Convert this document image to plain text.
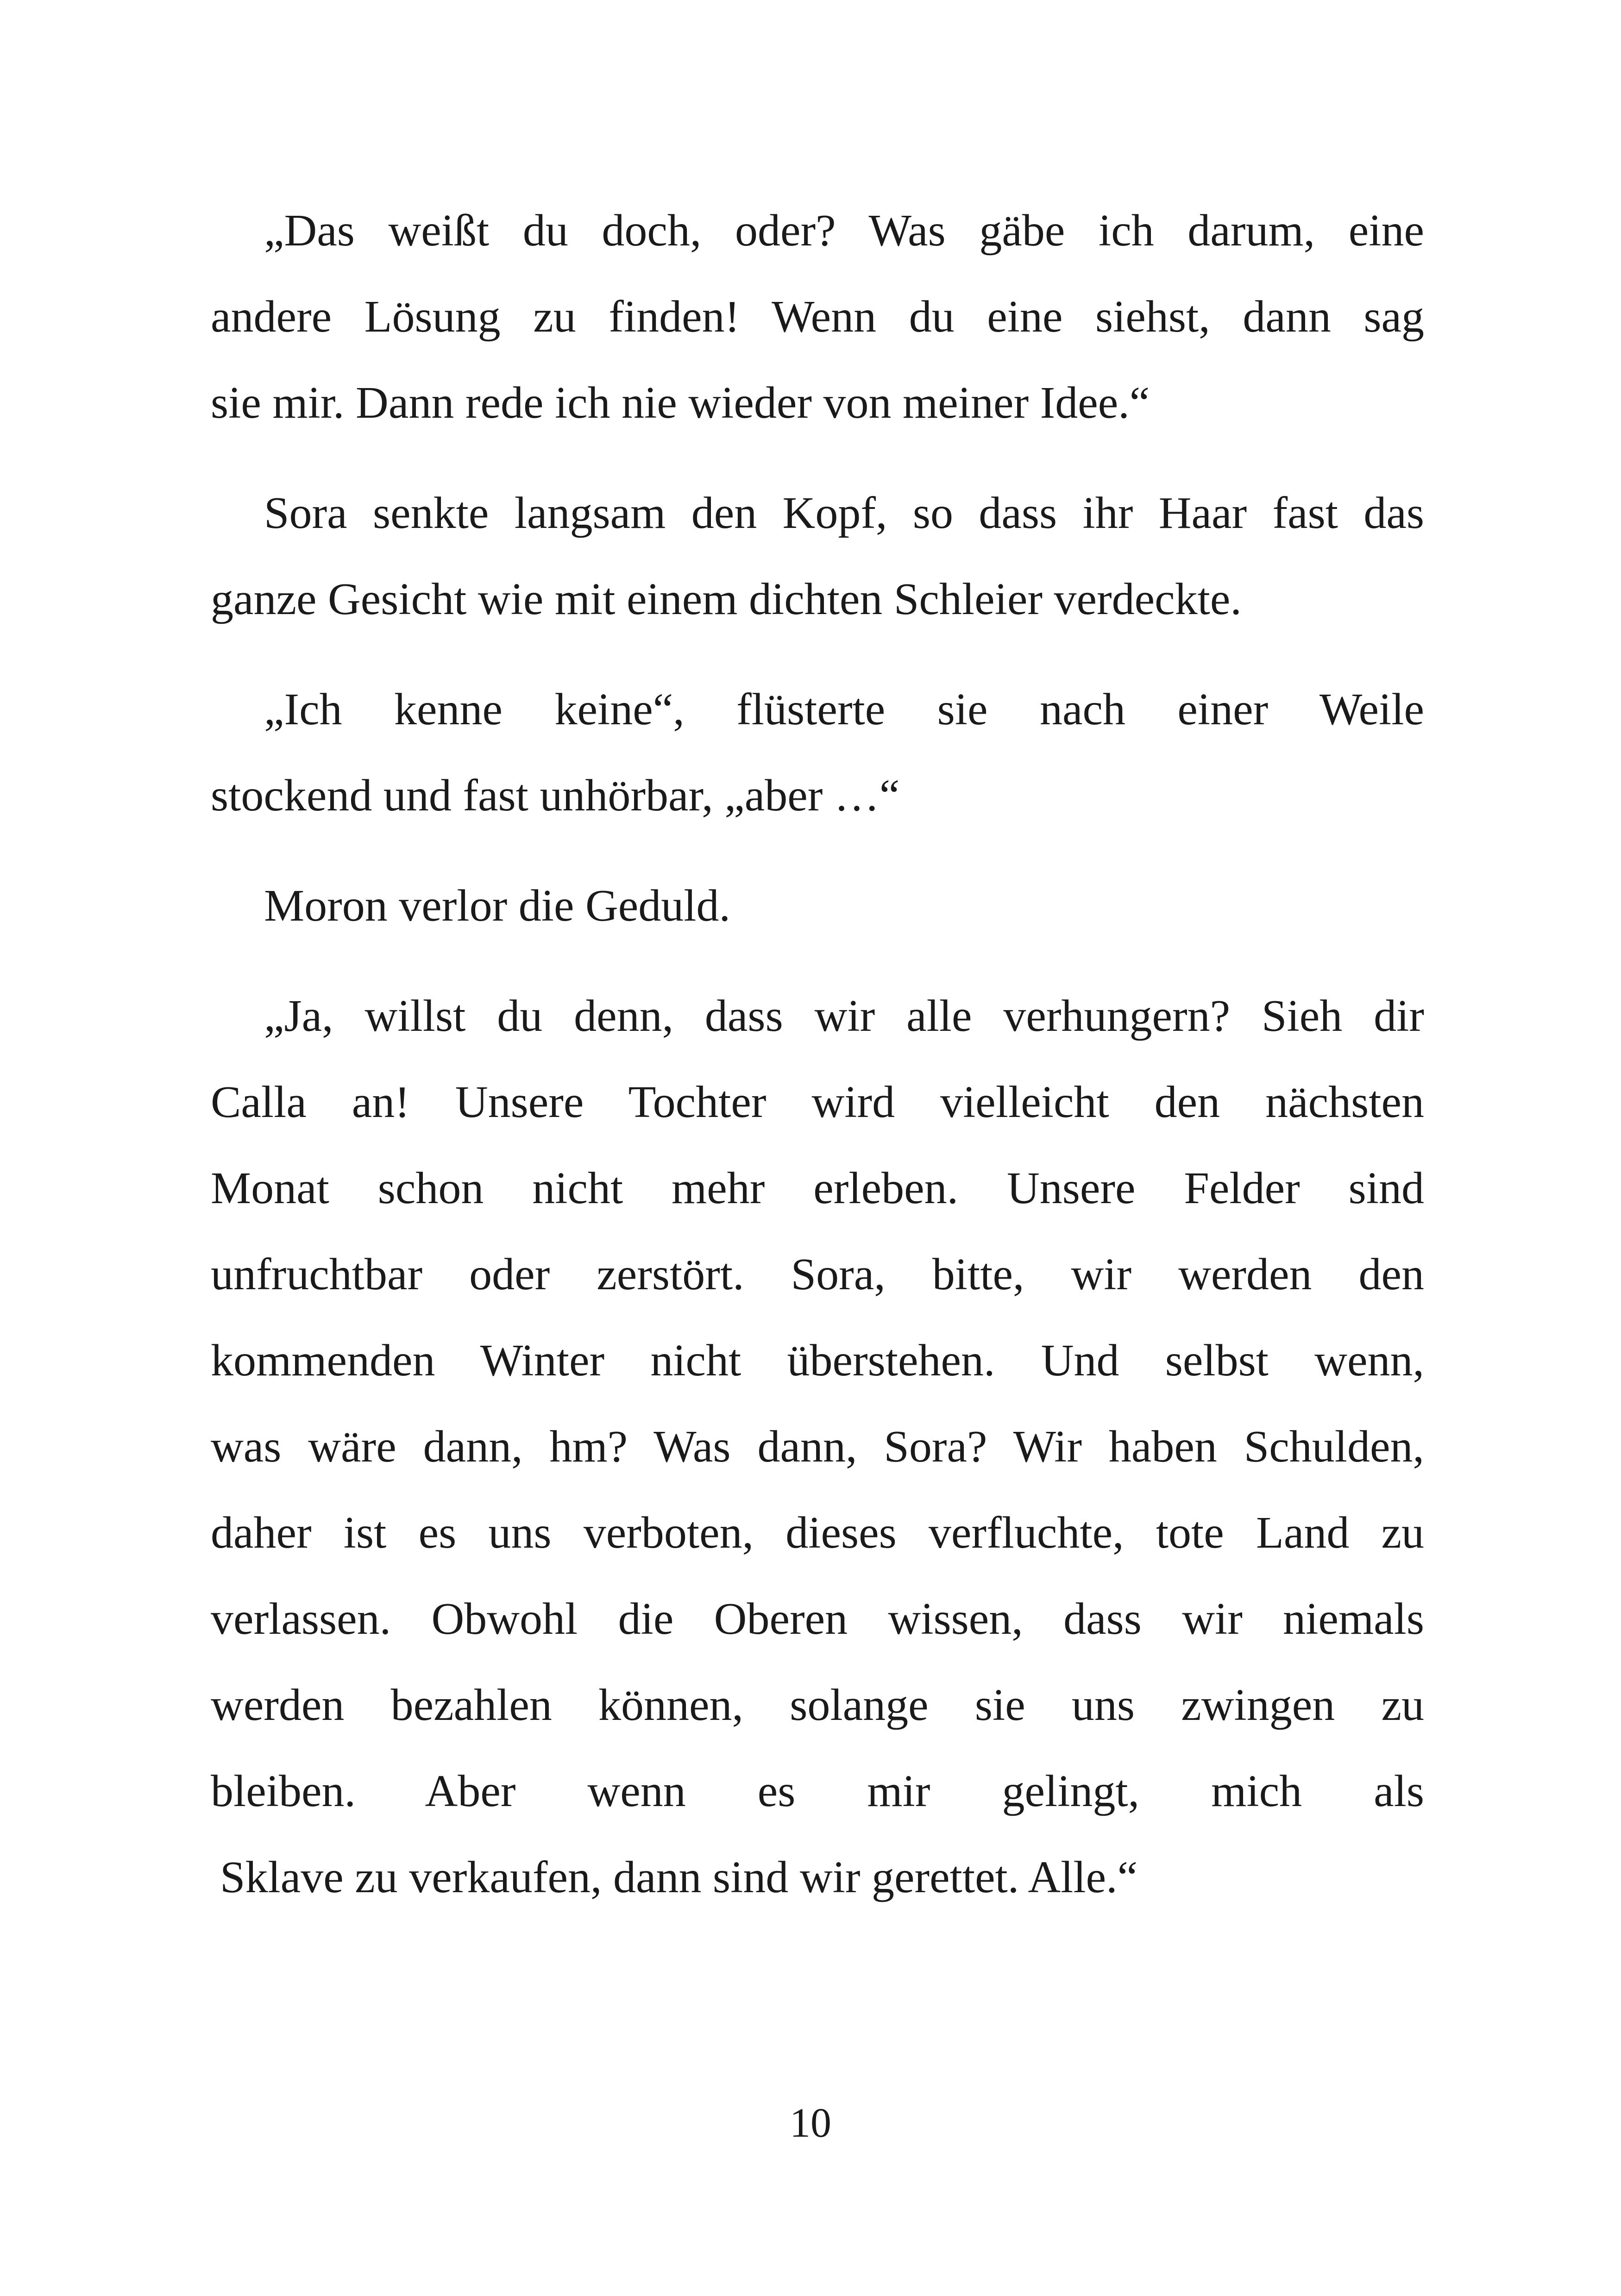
„Das weißt du doch, oder? Was gäbe ich darum, eine
andere Lösung zu finden! Wenn du eine siehst, dann sag
sie mir. Dann rede ich nie wieder von meiner Idee.“

Sora senkte langsam den Kopf, so dass ihr Haar fast das
ganze Gesicht wie mit einem dichten Schleier verdeckte.

„Ich kenne keine“, flüsterte sie nach einer Weile
stockend und fast unhörbar, „aber …“

Moron verlor die Geduld.

„Ja, willst du denn, dass wir alle verhungern? Sieh dir
Calla an! Unsere Tochter wird vielleicht den nächsten
Monat schon nicht mehr erleben. Unsere Felder sind
unfruchtbar oder zerstört. Sora, bitte, wir werden den
kommenden Winter nicht überstehen. Und selbst wenn,
was wäre dann, hm? Was dann, Sora? Wir haben Schulden,
daher ist es uns verboten, dieses verfluchte, tote Land zu
verlassen. Obwohl die Oberen wissen, dass wir niemals
werden bezahlen können, solange sie uns zwingen zu
bleiben. Aber wenn es mir gelingt, mich als
Sklave zu verkaufen, dann sind wir gerettet. Alle.“

10
